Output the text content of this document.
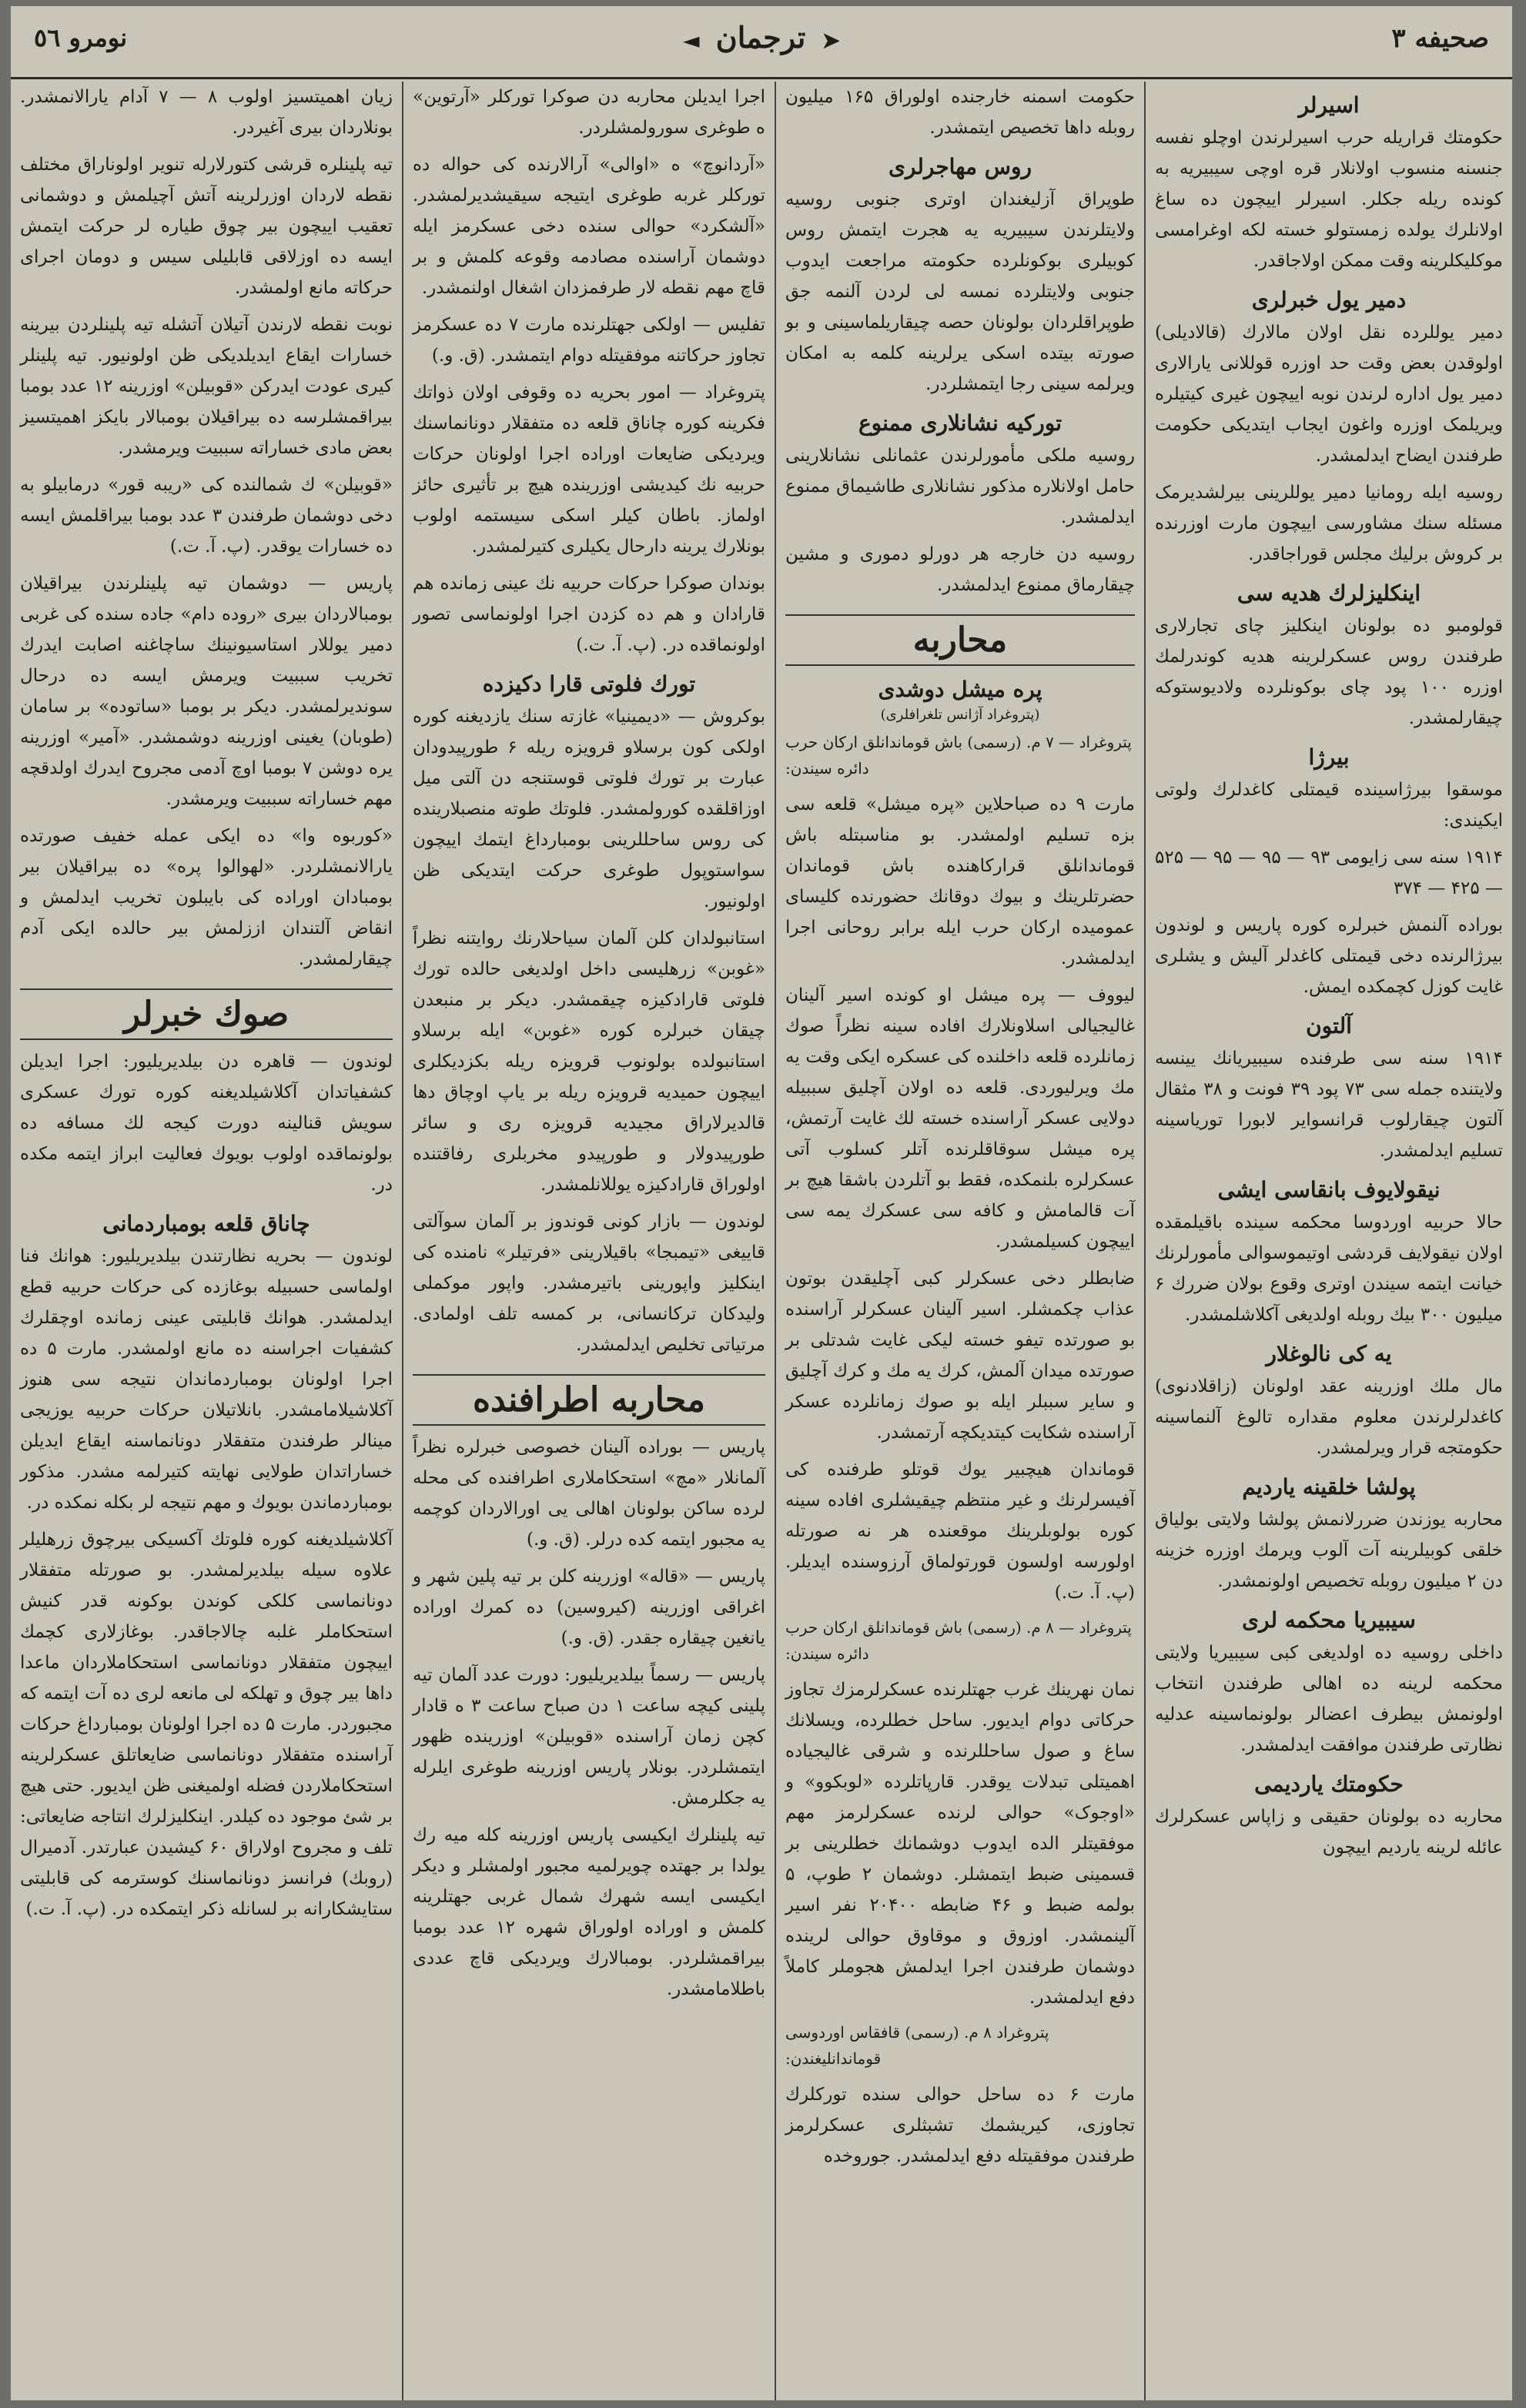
صحیفه ۳
➤ ترجمان ◄
نومرو ٥٦
اسیرلر

حکومتك قراریله حرب اسیرلرندن اوچلو نفسه جنسنه منسوب اولانلار قره اوچی سیبیریه به کونده ریله جکلر. اسیرلر اییچون ده ساغ اولانلرك یولده زمستولو خسته لکه اوغرامسی موکلیکلرینه وقت ممکن اولاجاقدر.

دمیر یول خبرلری

دمیر یوللرده نقل اولان مالارك (قالادیلی) اولوقدن بعض وقت حد اوزره قوللانی یارالاری دمیر یول اداره لرندن نوبه اییچون غیری کیتیلره ویریلمک اوزره واغون ایجاب ایتدیکی حکومت طرفندن ایضاح ایدلمشدر.

روسیه ایله رومانیا دمیر یوللرینی بیرلشدیرمک مسئله سنك مشاورسی اییچون مارت اوزرنده بر کروش برلیك مجلس قوراجاقدر.

اینکلیزلرك هدیه سی

قولومبو ده بولونان اینکلیز چای تجارلاری طرفندن روس عسکرلرینه هدیه کوندرلمك اوزره ۱۰۰ پود چای بوکونلرده ولادیوستوکه چیقارلمشدر.

بیرژا

موسقوا بیرژاسینده قیمتلی کاغدلرك ولوتی ایکیندی:

۱۹۱۴ سنه سی زایومی ۹۳ — ۹۵ — ۹۵ — ۵۲۵ — ۴۲۵ — ۳۷۴

بوراده آلنمش خبرلره کوره پاریس و لوندون بیرژالرنده دخی قیمتلی کاغدلر آلیش و یشلری غایت کوزل کچمکده ایمش.

آلتون

۱۹۱۴ سنه سی طرفنده سیبیریانك یینسه ولایتنده جمله سی ۷۳ پود ۳۹ فونت و ۳۸ مثقال آلتون چیقارلوب قرانسوایر لابورا توریاسینه تسلیم ایدلمشدر.

نیقولایوف بانقاسی ایشی

حالا حربیه اوردوسا محکمه سینده باقیلمقده اولان نیقولایف قردشی اوتیموسوالی مأمورلرنك خیانت ایتمه سیندن اوتری وقوع بولان ضررك ۶ میلیون ۳۰۰ بیك روبله اولدیغی آکلاشلمشدر.

یه کی نالوغلار

مال ملك اوزرینه عقد اولونان (زاقلادنوی) کاغدلرلرندن معلوم مقداره تالوغ آلنماسینه حکومتجه قرار ویرلمشدر.

پولشا خلقینه یاردیم

محاربه یوزندن ضررلانمش پولشا ولایتی بولیاق خلقی کوبیلرینه آت آلوب ویرمك اوزره خزینه دن ۲ میلیون روبله تخصیص اولونمشدر.

سیبیریا محکمه لری

داخلی روسیه ده اولدیغی کبی سیبیریا ولایتی محکمه لرینه ده اهالی طرفندن انتخاب اولونمش بیطرف اعضالر بولونماسینه عدلیه نظارتی طرفندن موافقت ایدلمشدر.

حکومتك یاردیمی

محاربه ده بولونان حقیقی و زاپاس عسکرلرك عائله لرینه یاردیم اییچون

حکومت اسمنه خارجنده اولوراق ۱۶۵ میلیون روبله داها تخصیص ایتمشدر.

روس مهاجرلری

طوپراق آزلیغندان اوتری جنوبی روسیه ولایتلرندن سیبیریه یه هجرت ایتمش روس کوبیلری بوکونلرده حکومته مراجعت ایدوب جنوبی ولایتلرده نمسه لی لردن آلنمه جق طوپراقلردان بولونان حصه چیقاریلماسینی و بو صورته بیتده اسکی یرلرینه کلمه به امکان ویرلمه سینی رجا ایتمشلردر.

تورکیه نشانلاری ممنوع

روسیه ملکی مأمورلرندن عثمانلی نشانلارینی حامل اولانلاره مذکور نشانلاری طاشیماق ممنوع ایدلمشدر.

روسیه دن خارجه هر دورلو دموری و مشین چیقارماق ممنوع ایدلمشدر.

محاربه
پره میشل دوشدی
(پتروغراد آژانس تلغرافلری)

پتروغراد — ۷ م. (رسمی) باش قوماندانلق ارکان حرب دائره سیندن:

مارت ۹ ده صباحلاین «پره میشل» قلعه سی بزه تسلیم اولمشدر. بو مناسبتله باش قوماندانلق قرارکاهنده باش قوماندان حضرتلرینك و بیوك دوقانك حضورنده کلیسای عمومیده ارکان حرب ایله برابر روحانی اجرا ایدلمشدر.

لیووف — پره میشل او کونده اسیر آلینان غالیجیالی اسلاونلارك افاده سینه نظراً صوك زمانلرده قلعه داخلنده کی عسکره ایکی وقت یه مك ویرلیوردی. قلعه ده اولان آچلیق سببیله دولایی عسکر آراسنده خسته لك غایت آرتمش، پره میشل سوقاقلرنده آتلر کسلوب آتی عسکرلره بلنمکده، فقط بو آتلردن باشقا هیچ بر آت قالمامش و کافه سی عسکرك یمه سی اییچون کسیلمشدر.

ضابطلر دخی عسکرلر کبی آچلیقدن بوتون عذاب چکمشلر. اسیر آلینان عسکرلر آراسنده بو صورتده تیفو خسته لیکی غایت شدتلی بر صورتده میدان آلمش، کرك یه مك و کرك آچلیق و سایر سببلر ایله بو صوك زمانلرده عسکر آراسنده شکایت کیتدیکچه آرتمشدر.

قوماندان هیچبیر یوك قوتلو طرفنده کی آفیسرلرنك و غیر منتظم چیقیشلری افاده سینه کوره بولوبلرینك موقعنده هر نه صورتله اولورسه اولسون قورتولماق آرزوسنده ایدیلر. (پ. آ. ت.)

پتروغراد — ۸ م. (رسمی) باش قوماندانلق ارکان حرب دائره سیندن:

نمان نهرینك غرب جهتلرنده عسکرلرمزك تجاوز حرکاتی دوام ایدیور. ساحل خطلرده، ویسلانك ساغ و صول ساحللرنده و شرقی غالیجیاده اهمیتلی تبدلات یوقدر. قارپاتلرده «لوبکوو» و «اوجوک» حوالی لرنده عسکرلرمز مهم موفقیتلر الده ایدوب دوشمانك خطلرینی بر قسمینی ضبط ایتمشلر. دوشمان ۲ طوپ، ۵ بولمه ضبط و ۴۶ ضابطه ۲۰۴۰۰ نفر اسیر آلینمشدر. اوزوق و موقاوق حوالی لرینده دوشمان طرفندن اجرا ایدلمش هجوملر کاملاً دفع ایدلمشدر.

پتروغراد ۸ م. (رسمی) قافقاس اوردوسی قوماندانلیغندن:

مارت ۶ ده ساحل حوالی سنده تورکلرك تجاوزی، کیریشمك تشبثلری عسکرلرمز طرفندن موفقیتله دفع ایدلمشدر. جوروخده

اجرا ایدیلن محاربه دن صوکرا تورکلر «آرتوین» ه طوغری سورولمشلردر.

«آردانوچ» ه «اوالی» آرالارنده کی حواله ده تورکلر غربه طوغری ایتیجه سیقیشدیرلمشدر. «آلشکرد» حوالی سنده دخی عسکرمز ایله دوشمان آراسنده مصادمه وقوعه کلمش و بر قاچ مهم نقطه لار طرفمزدان اشغال اولنمشدر.

تفلیس — اولکی جهتلرنده مارت ۷ ده عسکرمز تجاوز حرکاتنه موفقیتله دوام ایتمشدر. (ق. و.)

پتروغراد — امور بحریه ده وقوفی اولان ذواتك فکرینه کوره چاناق قلعه ده متفقلار دونانماسنك ویردیکی ضایعات اوراده اجرا اولونان حرکات حربیه نك کیدیشی اوزرینده هیچ بر تأثیری حائز اولماز. باطان کیلر اسکی سیستمه اولوب بونلارك یرینه دارحال یکیلری کتیرلمشدر.

بوندان صوکرا حرکات حربیه نك عینی زمانده هم قارادان و هم ده کزدن اجرا اولونماسی تصور اولونماقده در. (پ. آ. ت.)

تورك فلوتی قارا دکیزده

بوکروش — «دیمینیا» غازته سنك یازدیغنه کوره اولکی کون برسلاو قرویزه ریله ۶ طورپیدودان عبارت بر تورك فلوتی قوستنجه دن آلتی میل اوزاقلقده کورولمشدر. فلوتك طوته منصبلارینده کی روس ساحللرینی بومبارداغ ایتمك اییچون سواستوپول طوغری حرکت ایتدیکی ظن اولونیور.

استانبولدان کلن آلمان سیاحلارنك روایتنه نظراً «غوبن» زرهلیسی داخل اولدیغی حالده تورك فلوتی قارادکیزه چیقمشدر. دیکر بر منبعدن چیقان خبرلره کوره «غوبن» ایله برسلاو استانبولده بولونوب قرویزه ریله بکزدیکلری اییچون حمیدیه قرویزه ریله بر یاپ اوچاق دها قالدیرلاراق مجیدیه قرویزه ری و سائر طورپیدولار و طورپیدو مخربلری رفاقتنده اولوراق قارادکیزه یوللانلمشدر.

لوندون — بازار کونی قوندوز بر آلمان سوآلتی قاییغی «تیمبجا» باقیلارینی «فرتیلر» نامنده کی اینکلیز واپورینی باتیرمشدر. واپور موکملی ولیدکان ترکانسانی، بر کمسه تلف اولمادی. مرتیاتی تخلیص ایدلمشدر.

محاربه اطرافنده

پاریس — بوراده آلینان خصوصی خبرلره نظراً آلمانلار «مچ» استحکاملاری اطرافنده کی محله لرده ساکن بولونان اهالی یی اورالاردان کوچمه یه مجبور ایتمه کده درلر. (ق. و.)

پاریس — «قاله» اوزرینه کلن بر تیه پلین شهر و اغراقی اوزرینه (کیروسین) ده کمرك اوراده یانغین چیقاره جقدر. (ق. و.)

پاریس — رسماً بیلدیریلیور: دورت عدد آلمان تیه پلینی کیچه ساعت ۱ دن صباح ساعت ۳ ه قادار کچن زمان آراسنده «قوبیلن» اوزرینده ظهور ایتمشلردر. بونلار پاریس اوزرینه طوغری ایلرله یه جکلرمش.

تیه پلینلرك ایکیسی پاریس اوزرینه کله میه رك یولدا بر جهتده چویرلمیه مجبور اولمشلر و دیکر ایکیسی ایسه شهرك شمال غربی جهتلرینه کلمش و اوراده اولوراق شهره ۱۲ عدد بومبا بیراقمشلردر. بومبالارك ویردیکی قاچ عددی باطلامامشدر.

زیان اهمیتسیز اولوب ۸ — ۷ آدام یارالانمشدر. بونلاردان بیری آغیردر.

تیه پلینلره قرشی کتورلارله تنویر اولوناراق مختلف نقطه لاردان اوزرلرینه آتش آچیلمش و دوشمانی تعقیب اییچون بیر چوق طیاره لر حرکت ایتمش ایسه ده اوزلاقی قابلیلی سیس و دومان اجرای حرکاته مانع اولمشدر.

نوبت نقطه لارندن آتیلان آتشله تیه پلینلردن بیرینه خسارات ایقاع ایدیلدیکی ظن اولونیور. تیه پلینلر کیری عودت ایدرکن «قوبیلن» اوزرینه ۱۲ عدد بومبا بیراقمشلرسه ده بیراقیلان بومبالار بایکز اهمیتسیز بعض مادی خساراته سببیت ویرمشدر.

«قوبیلن» ك شمالنده کی «ریبه قور» درمابیلو به دخی دوشمان طرفندن ۳ عدد بومبا بیراقلمش ایسه ده خسارات یوقدر. (پ. آ. ت.)

پاریس — دوشمان تیه پلینلرندن بیراقیلان بومبالاردان بیری «روده دام» جاده سنده کی غربی دمیر یوللار استاسیونینك ساچاغنه اصابت ایدرك تخریب سببیت ویرمش ایسه ده درحال سوندیرلمشدر. دیکر بر بومبا «ساتوده» بر سامان (طوبان) یغینی اوزرینه دوشمشدر. «آمیر» اوزرینه یره دوشن ۷ بومبا اوچ آدمی مجروح ایدرك اولدقچه مهم خساراته سببیت ویرمشدر.

«کوربوه وا» ده ایکی عمله خفیف صورتده یارالانمشلردر. «لهوالوا پره» ده بیراقیلان بیر بومبادان اوراده کی بایبلون تخریب ایدلمش و انقاض آلتندان اززلمش بیر حالده ایکی آدم چیقارلمشدر.

صوك خبرلر

لوندون — قاهره دن بیلدیریلیور: اجرا ایدیلن کشفیاتدان آکلاشیلدیغنه کوره تورك عسکری سویش قنالینه دورت کیجه لك مسافه ده بولونماقده اولوب بویوك فعالیت ابراز ایتمه مکده در.

چاناق قلعه بومباردمانی

لوندون — بحریه نظارتندن بیلدیریلیور: هوانك فنا اولماسی حسبیله بوغازده کی حرکات حربیه قطع ایدلمشدر. هوانك قابلیتی عینی زمانده اوچقلرك کشفیات اجراسنه ده مانع اولمشدر. مارت ۵ ده اجرا اولونان بومباردماندان نتیجه سی هنوز آکلاشیلامامشدر. بانلاتیلان حرکات حربیه یوزیجی مینالر طرفندن متفقلار دونانماسنه ایقاع ایدیلن خساراتدان طولایی نهایته کتیرلمه مشدر. مذکور بومباردماندن بویوك و مهم نتیجه لر بکله نمکده در.

آکلاشیلدیغنه کوره فلوتك آکسیکی بیرچوق زرهلیلر علاوه سیله بیلدیرلمشدر. بو صورتله متفقلار دونانماسی کلکی کوندن بوکونه قدر کنیش استحکاملر غلبه چالاجاقدر. بوغازلاری کچمك اییچون متفقلار دونانماسی استحکاملاردان ماعدا داها بیر چوق و تهلکه لی مانعه لری ده آت ایتمه که مجبوردر. مارت ۵ ده اجرا اولونان بومبارداغ حرکات آراسنده متفقلار دونانماسی ضایعاتلق عسکرلرینه استحکاملاردن فضله اولمیغنی ظن ایدیور. حتی هیچ بر شئ موجود ده کیلدر. اینکلیزلرك انتاجه ضایعاتی: تلف و مجروح اولاراق ۶۰ کیشیدن عبارتدر. آدمیرال (روبك) فرانسز دونانماسنك کوسترمه کی قابلیتی ستایشکارانه بر لسانله ذکر ایتمکده در. (پ. آ. ت.)
